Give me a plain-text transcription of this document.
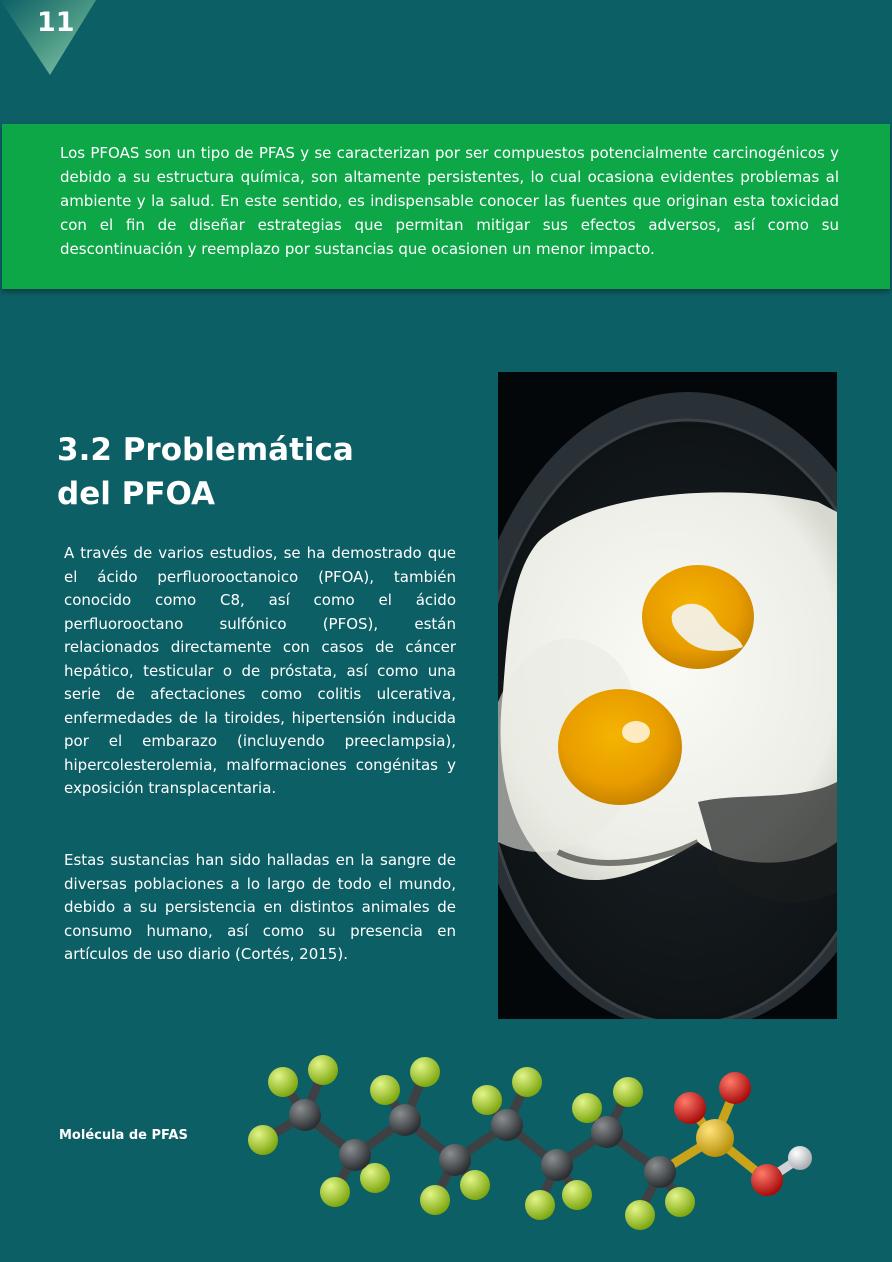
11

Los PFOAS son un tipo de PFAS y se caracterizan por ser compuestos potencialmente carcinogénicos y debido a su estructura química, son altamente persistentes, lo cual ocasiona evidentes problemas al ambiente y la salud. En este sentido, es indispensable conocer las fuentes que originan esta toxicidad con el fin de diseñar estrategias que permitan mitigar sus efectos adversos, así como su descontinuación y reemplazo por sustancias que ocasionen un menor impacto.

3.2 Problemática
del PFOA

A través de varios estudios, se ha demostrado que el ácido perfluorooctanoico (PFOA), también conocido como C8, así como el ácido perfluorooctano sulfónico (PFOS), están relacionados directamente con casos de cáncer hepático, testicular o de próstata, así como una serie de afectaciones como colitis ulcerativa, enfermedades de la tiroides, hipertensión inducida por el embarazo (incluyendo preeclampsia), hipercolesterolemia, malformaciones congénitas y exposición transplacentaria.

Estas sustancias han sido halladas en la sangre de diversas poblaciones a lo largo de todo el mundo, debido a su persistencia en distintos animales de consumo humano, así como su presencia en artículos de uso diario (Cortés, 2015).

Molécula de PFAS
